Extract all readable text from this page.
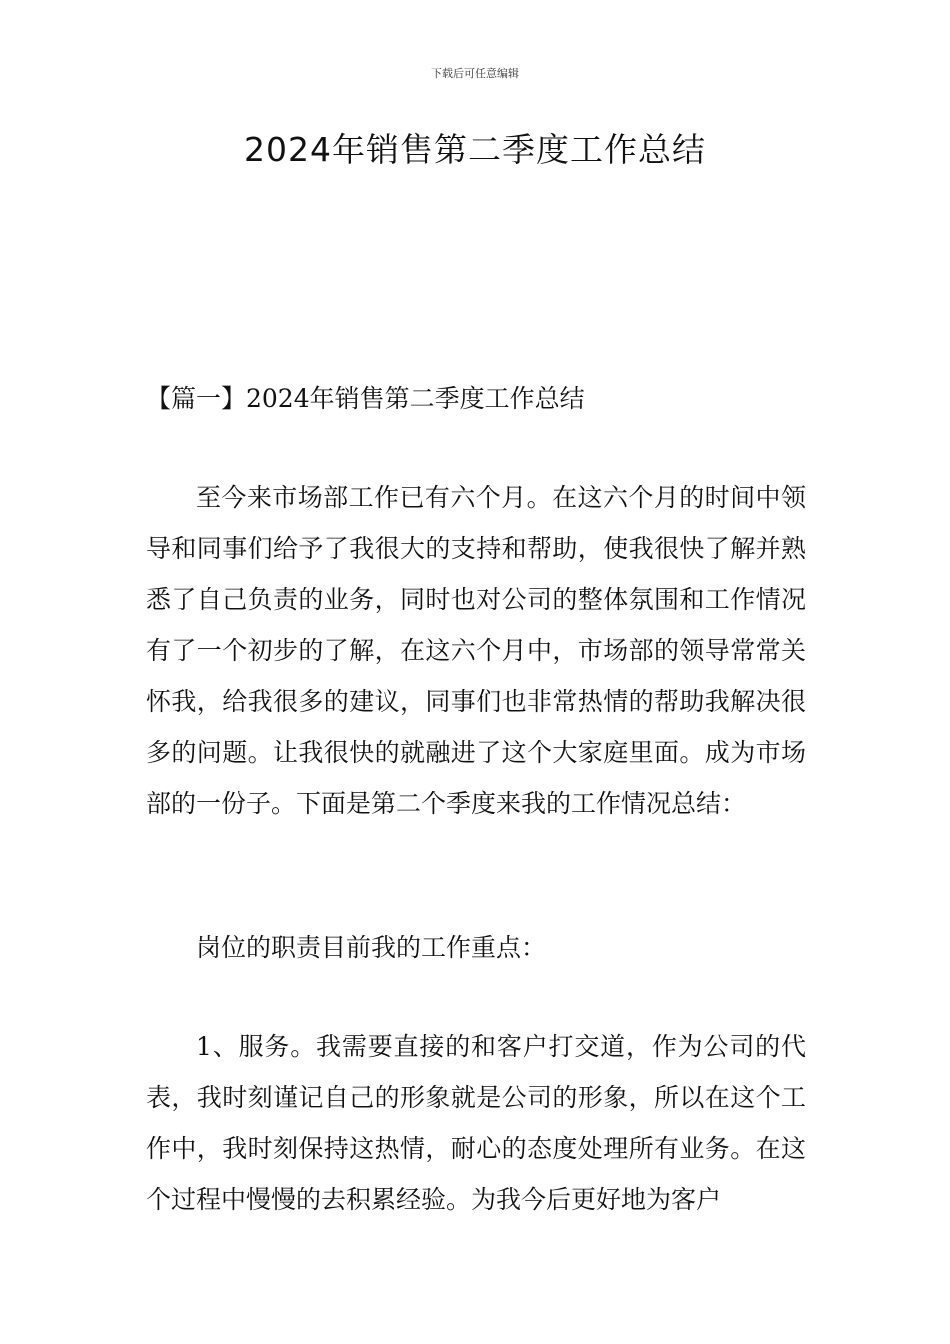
下载后可任意编辑
2024年销售第二季度工作总结
【篇一】2024年销售第二季度工作总结

至今来市场部工作已有六个月。在这六个月的时间中领导和同事们给予了我很大的支持和帮助，使我很快了解并熟悉了自己负责的业务，同时也对公司的整体氛围和工作情况有了一个初步的了解，在这六个月中，市场部的领导常常关怀我，给我很多的建议，同事们也非常热情的帮助我解决很多的问题。让我很快的就融进了这个大家庭里面。成为市场部的一份子。下面是第二个季度来我的工作情况总结：

岗位的职责目前我的工作重点：

1、服务。我需要直接的和客户打交道，作为公司的代表，我时刻谨记自己的形象就是公司的形象，所以在这个工作中，我时刻保持这热情，耐心的态度处理所有业务。在这个过程中慢慢的去积累经验。为我今后更好地为客户
